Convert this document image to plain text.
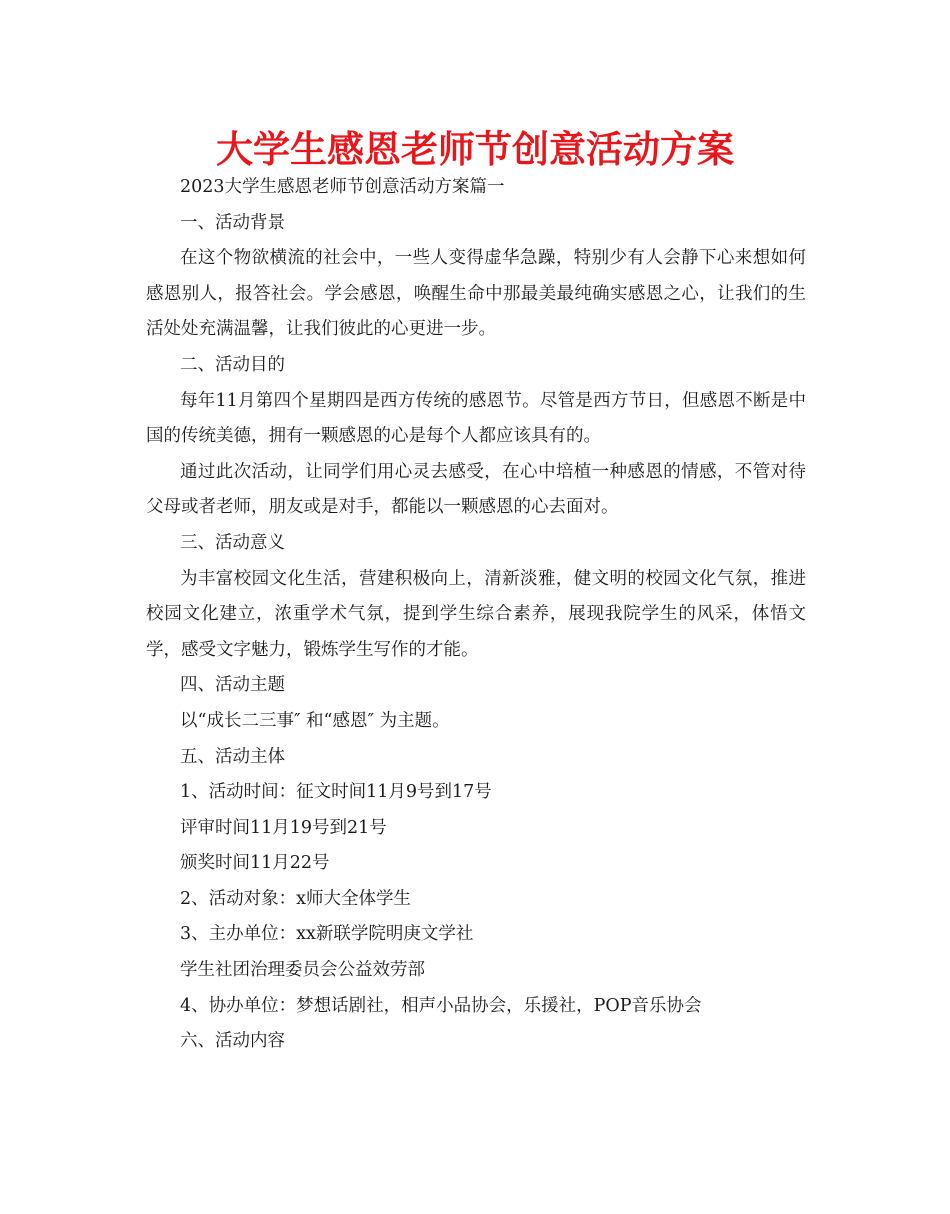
大学生感恩老师节创意活动方案

2023大学生感恩老师节创意活动方案篇一

一、活动背景

在这个物欲横流的社会中，一些人变得虚华急躁，特别少有人会静下心来想如何感恩别人，报答社会。学会感恩，唤醒生命中那最美最纯确实感恩之心，让我们的生活处处充满温馨，让我们彼此的心更进一步。

二、活动目的

每年11月第四个星期四是西方传统的感恩节。尽管是西方节日，但感恩不断是中国的传统美德，拥有一颗感恩的心是每个人都应该具有的。

通过此次活动，让同学们用心灵去感受，在心中培植一种感恩的情感，不管对待父母或者老师，朋友或是对手，都能以一颗感恩的心去面对。

三、活动意义

为丰富校园文化生活，营建积极向上，清新淡雅，健文明的校园文化气氛，推进校园文化建立，浓重学术气氛，提到学生综合素养，展现我院学生的风采，体悟文学，感受文字魅力，锻炼学生写作的才能。

四、活动主题

以“成长二三事″ 和“感恩″ 为主题。

五、活动主体

1、活动时间：征文时间11月9号到17号

评审时间11月19号到21号

颁奖时间11月22号

2、活动对象：x师大全体学生

3、主办单位：xx新联学院明庚文学社

学生社团治理委员会公益效劳部

4、协办单位：梦想话剧社，相声小品协会，乐援社，POP音乐协会

六、活动内容
